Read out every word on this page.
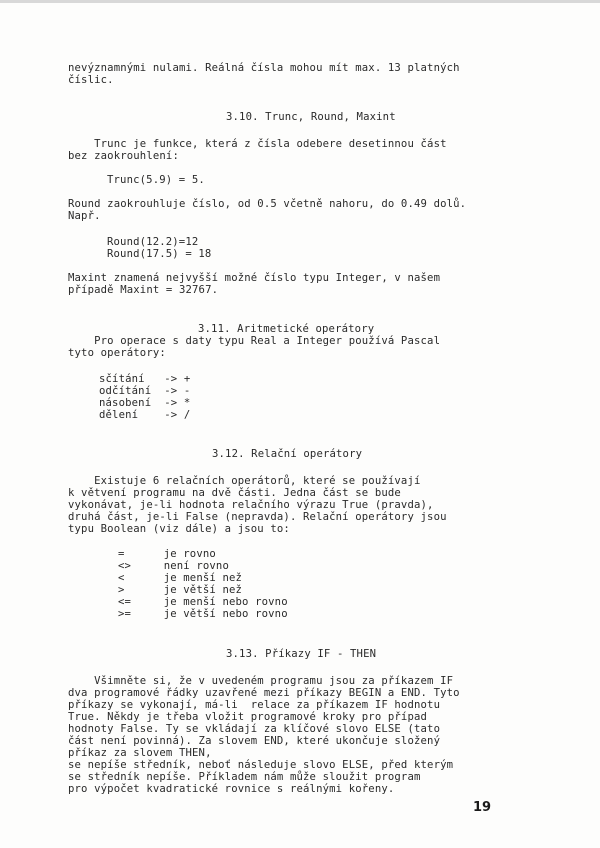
nevýznamnými nulami. Reálná čísla mohou mít max. 13 platných
číslic.
3.10. Trunc, Round, Maxint
Trunc je funkce, která z čísla odebere desetinnou část
bez zaokrouhlení:
Trunc(5.9) = 5.
Round zaokrouhluje číslo, od 0.5 včetně nahoru, do 0.49 dolů.
Např.
Round(12.2)=12
Round(17.5) = 18
Maxint znamená nejvyšší možné číslo typu Integer, v našem
případě Maxint = 32767.
3.11. Aritmetické operátory
Pro operace s daty typu Real a Integer používá Pascal
tyto operátory:
sčítání   -> +
odčítání  -> -
násobení  -> *
dělení    -> /
3.12. Relační operátory
Existuje 6 relačních operátorů, které se používají
k větvení programu na dvě části. Jedna část se bude
vykonávat, je-li hodnota relačního výrazu True (pravda),
druhá část, je-li False (nepravda). Relační operátory jsou
typu Boolean (viz dále) a jsou to:
=      je rovno
<>     není rovno
<      je menší než
>      je větší než
<=     je menší nebo rovno
>=     je větší nebo rovno
3.13. Příkazy IF - THEN
Všimněte si, že v uvedeném programu jsou za příkazem IF
dva programové řádky uzavřené mezi příkazy BEGIN a END. Tyto
příkazy se vykonají, má-li  relace za příkazem IF hodnotu
True. Někdy je třeba vložit programové kroky pro případ
hodnoty False. Ty se vkládají za klíčové slovo ELSE (tato
část není povinná). Za slovem END, které ukončuje složený
příkaz za slovem THEN,
se nepíše středník, neboť následuje slovo ELSE, před kterým
se středník nepíše. Příkladem nám může sloužit program
pro výpočet kvadratické rovnice s reálnými kořeny.
19
